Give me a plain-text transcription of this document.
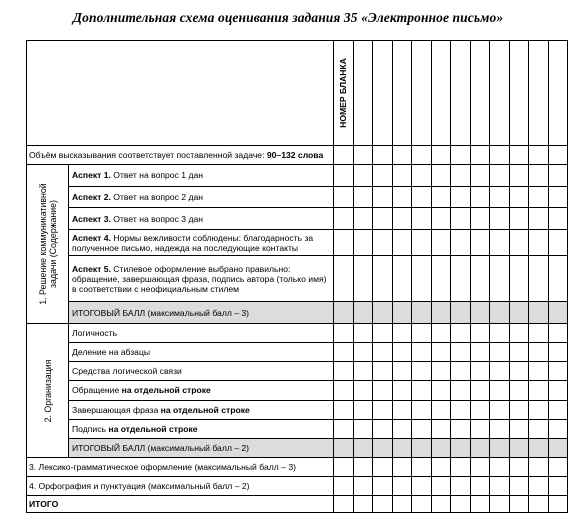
Дополнительная схема оценивания задания 35 «Электронное письмо»

		НОМЕР БЛАНКА											

Объём высказывания соответствует поставленной задаче: 90–132 слова													

1. Решение коммуникативной задачи (Содержание)	Аспект 1. Ответ на вопрос 1 дан												
	Аспект 2. Ответ на вопрос 2 дан												
	Аспект 3. Ответ на вопрос 3 дан												
	Аспект 4. Нормы вежливости соблюдены: благодарность за полученное письмо, надежда на последующие контакты												
	Аспект 5. Стилевое оформление выбрано правильно: обращение, завершающая фраза, подпись автора (только имя) в соответствии с неофициальным стилем												
	ИТОГОВЫЙ БАЛЛ (максимальный балл – 3)												

2. Организация	Логичность												
	Деление на абзацы												
	Средства логической связи												
	Обращение на отдельной строке												
	Завершающая фраза на отдельной строке												
	Подпись на отдельной строке												
	ИТОГОВЫЙ БАЛЛ (максимальный балл – 2)												
3. Лексико-грамматическое оформление (максимальный балл – 3)													
4. Орфография и пунктуация (максимальный балл – 2)													
ИТОГО													
